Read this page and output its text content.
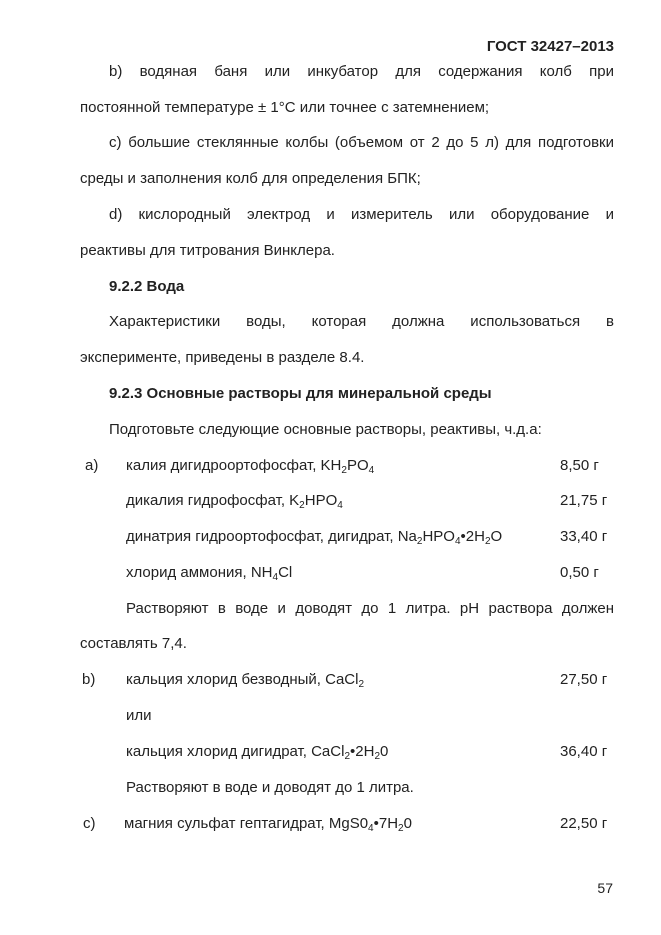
ГОСТ 32427–2013
b) водяная баня или инкубатор для содержания колб при
постоянной температуре ± 1°С или точнее с затемнением;
с) большие стеклянные колбы (объемом от 2 до 5 л) для подготовки
среды и заполнения колб для определения БПК;
d) кислородный электрод и измеритель или оборудование и
реактивы для титрования Винклера.
9.2.2 Вода
Характеристики воды, которая должна использоваться в
эксперименте, приведены в разделе 8.4.
9.2.3 Основные растворы для минеральной среды
Подготовьте следующие основные растворы, реактивы, ч.д.а:
a) калия дигидроортофосфат, $KH_2PO_4$	8,50 г
дикалия гидрофосфат, $K_2HPO_4$	21,75 г
динатрия гидроортофосфат, дигидрат, $Na_2HPO_4•2H_2O$	33,40 г
хлорид аммония, $NH_4Cl$	0,50 г
Растворяют в воде и доводят до 1 литра. pH раствора должен
составлять 7,4.
b) кальция хлорид безводный, CaCl$_2$	27,50 г
или
кальция хлорид дигидрат, $CaCl_2•2H_20$	36,40 г
Растворяют в воде и доводят до 1 литра.
c) магния сульфат гептагидрат, $MgS0_4•7H_20$	22,50 г
57
